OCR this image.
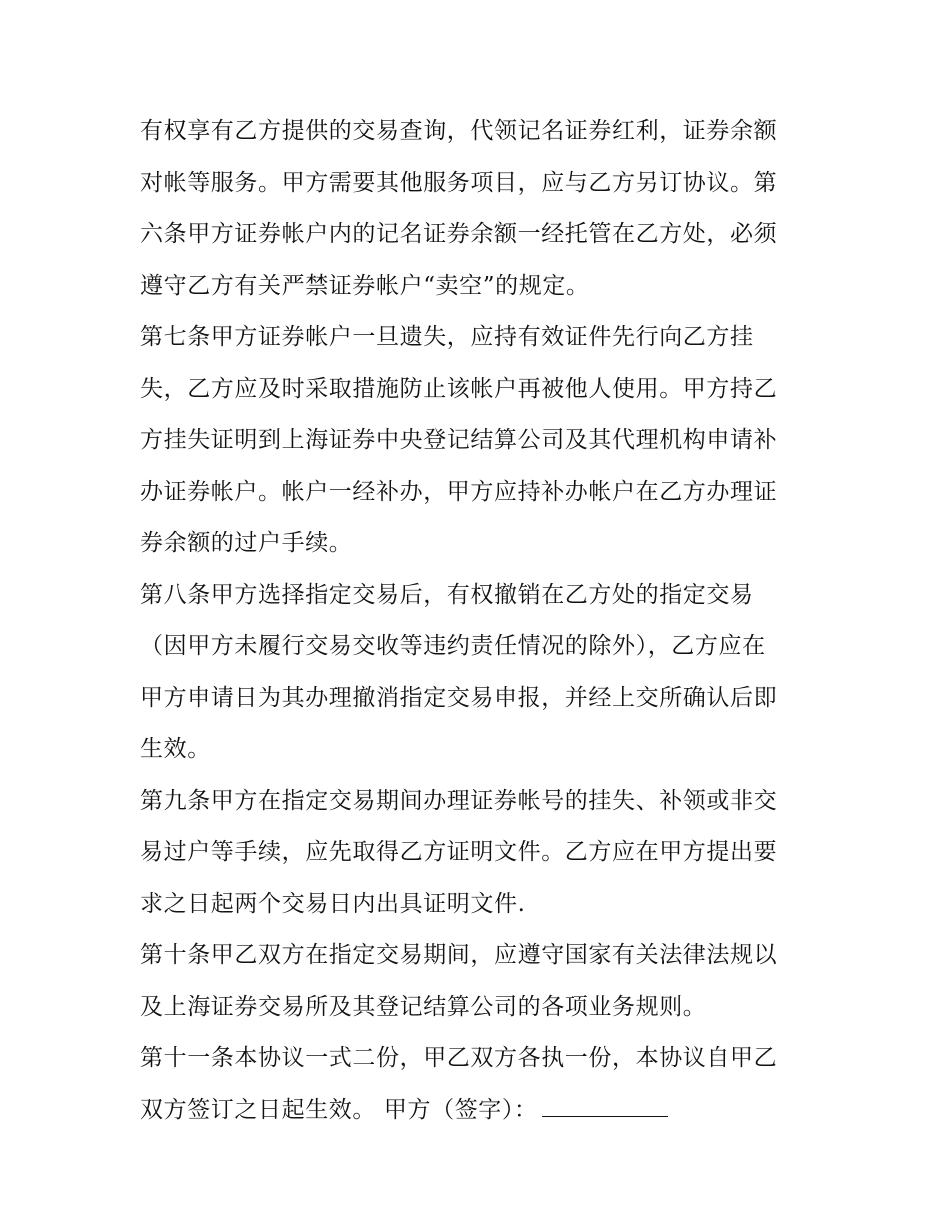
有权享有乙方提供的交易查询，代领记名证券红利，证券余额
对帐等服务。甲方需要其他服务项目，应与乙方另订协议。第
六条甲方证券帐户内的记名证券余额一经托管在乙方处，必须
遵守乙方有关严禁证券帐户“卖空”的规定。
第七条甲方证券帐户一旦遗失，应持有效证件先行向乙方挂
失，乙方应及时采取措施防止该帐户再被他人使用。甲方持乙
方挂失证明到上海证券中央登记结算公司及其代理机构申请补
办证券帐户。帐户一经补办，甲方应持补办帐户在乙方办理证
券余额的过户手续。
第八条甲方选择指定交易后，有权撤销在乙方处的指定交易
（因甲方未履行交易交收等违约责任情况的除外），乙方应在
甲方申请日为其办理撤消指定交易申报，并经上交所确认后即
生效。
第九条甲方在指定交易期间办理证券帐号的挂失、补领或非交
易过户等手续，应先取得乙方证明文件。乙方应在甲方提出要
求之日起两个交易日内出具证明文件.
第十条甲乙双方在指定交易期间，应遵守国家有关法律法规以
及上海证券交易所及其登记结算公司的各项业务规则。
第十一条本协议一式二份，甲乙双方各执一份，本协议自甲乙
双方签订之日起生效。 甲方（签字）：
